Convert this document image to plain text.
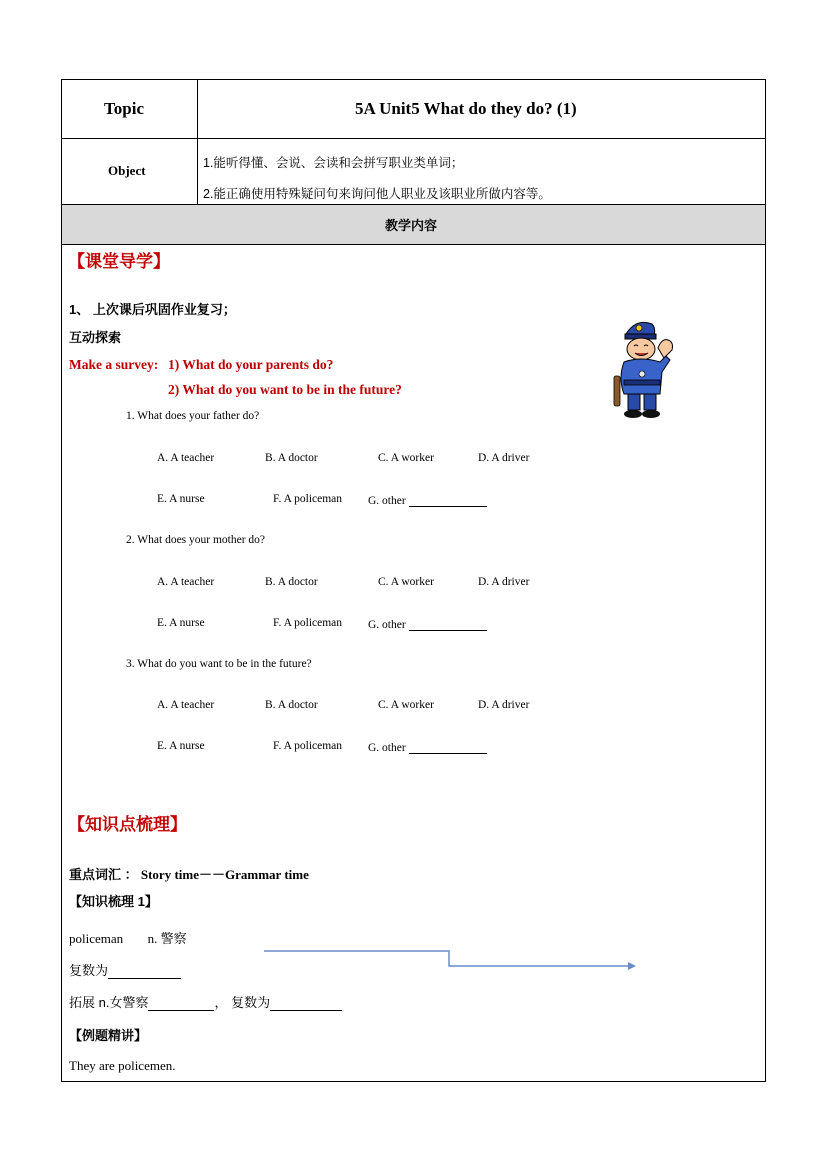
Topic	5A Unit5 What do they do? (1)
Object	1.能听得懂、会说、会读和会拼写职业类单词；
2.能正确使用特殊疑问句来询问他人职业及该职业所做内容等。
教学内容
【课堂导学】
1、 上次课后巩固作业复习；
互动探索
Make a survey: 1) What do your parents do?
2) What do you want to be in the future?
1. What does your father do?
A. A teacher	B. A doctor	C. A worker	D. A driver
E. A nurse	F. A policeman G. other
2. What does your mother do?
A. A teacher	B. A doctor	C. A worker	D. A driver
E. A nurse	F. A policeman G. other
3. What do you want to be in the future?
A. A teacher	B. A doctor	C. A worker	D. A driver
E. A nurse	F. A policeman G. other
【知识点梳理】
重点词汇 ： Story time－－Grammar time
【知识梳理 1】
policeman n. 警察
复数为
拓展 n.女警察	， 复数为
【例题精讲】
They are policemen.
